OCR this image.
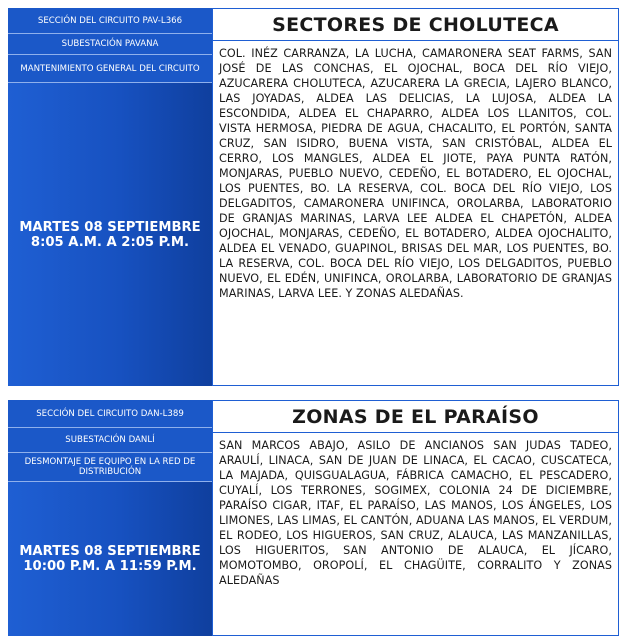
SECCIÓN DEL CIRCUITO PAV-L366
SUBESTACIÓN PAVANA
MANTENIMIENTO GENERAL DEL CIRCUITO
MARTES 08 SEPTIEMBRE
8:05 A.M. A 2:05 P.M.
SECTORES DE CHOLUTECA
COL. INÉZ CARRANZA, LA LUCHA, CAMARONERA SEAT FARMS, SAN JOSÉ DE LAS CONCHAS, EL OJOCHAL, BOCA DEL RÍO VIEJO, AZUCARERA CHOLUTECA, AZUCARERA LA GRECIA, LAJERO BLANCO, LAS JOYADAS, ALDEA LAS DELICIAS, LA LUJOSA, ALDEA LA ESCONDIDA, ALDEA EL CHAPARRO, ALDEA LOS LLANITOS, COL. VISTA HERMOSA, PIEDRA DE AGUA, CHACALITO, EL PORTÓN, SANTA CRUZ, SAN ISIDRO, BUENA VISTA, SAN CRISTÓBAL, ALDEA EL CERRO, LOS MANGLES, ALDEA EL JIOTE, PAYA PUNTA RATÓN, MONJARAS, PUEBLO NUEVO, CEDEÑO, EL BOTADERO, EL OJOCHAL, LOS PUENTES, BO. LA RESERVA, COL. BOCA DEL RÍO VIEJO, LOS DELGADITOS, CAMARONERA UNIFINCA, OROLARBA, LABORATORIO DE GRANJAS MARINAS, LARVA LEE ALDEA EL CHAPETÓN, ALDEA OJOCHAL, MONJARAS, CEDEÑO, EL BOTADERO, ALDEA OJOCHALITO, ALDEA EL VENADO, GUAPINOL, BRISAS DEL MAR, LOS PUENTES, BO. LA RESERVA, COL. BOCA DEL RÍO VIEJO, LOS DELGADITOS, PUEBLO NUEVO, EL EDÉN, UNIFINCA, OROLARBA, LABORATORIO DE GRANJAS MARINAS, LARVA LEE. Y ZONAS ALEDAÑAS.
SECCIÓN DEL CIRCUITO DAN-L389
SUBESTACIÓN DANLÍ
DESMONTAJE DE EQUIPO EN LA RED DE DISTRIBUCIÓN
MARTES 08 SEPTIEMBRE
10:00 P.M. A 11:59 P.M.
ZONAS DE EL PARAÍSO
SAN MARCOS ABAJO, ASILO DE ANCIANOS SAN JUDAS TADEO, ARAULÍ, LINACA, SAN DE JUAN DE LINACA, EL CACAO, CUSCATECA, LA MAJADA, QUISGUALAGUA, FÁBRICA CAMACHO, EL PESCADERO, CUYALÍ, LOS TERRONES, SOGIMEX, COLONIA 24 DE DICIEMBRE, PARAÍSO CIGAR, ITAF, EL PARAÍSO, LAS MANOS, LOS ÁNGELES, LOS LIMONES, LAS LIMAS, EL CANTÓN, ADUANA LAS MANOS, EL VERDUM, EL RODEO, LOS HIGUEROS, SAN CRUZ, ALAUCA, LAS MANZANILLAS, LOS HIGUERITOS, SAN ANTONIO DE ALAUCA, EL JÍCARO, MOMOTOMBO, OROPOLÍ, EL CHAGÜITE, CORRALITO Y ZONAS ALEDAÑAS
